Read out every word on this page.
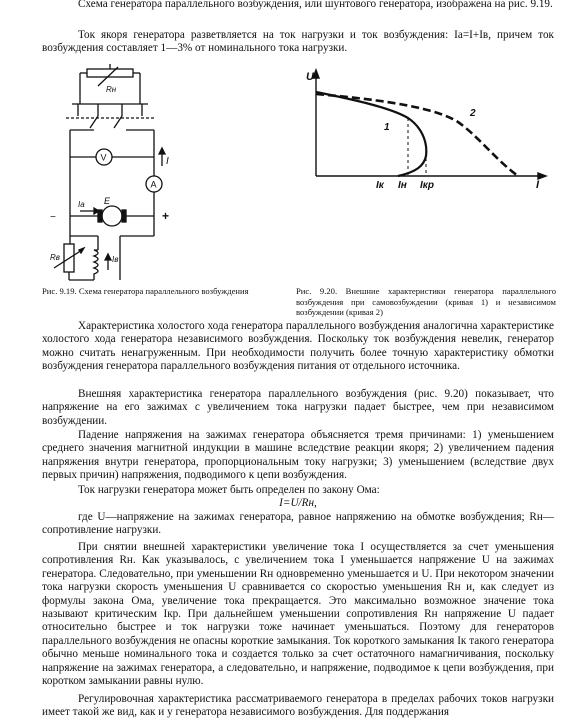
Схема генератора параллельного возбуждения, или шунтового генератора, изображена на рис. 9.19.

Ток якоря генератора разветвляется на ток нагрузки и ток возбуждения: Iа=I+Iв, причем ток возбуждения составляет 1—3% от номинального тока нагрузки.

Rн
V	I
A
E
Iа
−	+
Rв	Iв
U
I
1
2
Iк Iн Iкр

Рис. 9.19. Схема генератора параллельного возбуждения	Рис. 9.20. Внешние характеристики генератора параллельного возбуждения при самовозбуждении (кривая 1) и независимом возбуждении (кривая 2)

Характеристика холостого хода генератора параллельного возбуждения аналогична характеристике холостого хода генератора независимого возбуждения. Поскольку ток возбуждения невелик, генератор можно считать ненагруженным. При необходимости получить более точную характеристику обмотки возбуждения генератора параллельного возбуждения питания от отдельного источника.

Внешняя характеристика генератора параллельного возбуждения (рис. 9.20) показывает, что напряжение на его зажимах с увеличением тока нагрузки падает быстрее, чем при независимом возбуждении.

Падение напряжения на зажимах генератора объясняется тремя причинами: 1) уменьшением среднего значения магнитной индукции в машине вследствие реакции якоря; 2) увеличением падения напряжения внутри генератора, пропорциональным току нагрузки; 3) уменьшением (вследствие двух первых причин) напряжения, подводимого к цепи возбуждения.

Ток нагрузки генератора может быть определен по закону Ома:

I=U/Rн,

где U—напряжение на зажимах генератора, равное напряжению на обмотке возбуждения; Rн—сопротивление нагрузки.

При снятии внешней характеристики увеличение тока I осуществляется за счет уменьшения сопротивления Rн. Как указывалось, с увеличением тока I уменьшается напряжение U на зажимах генератора. Следовательно, при уменьшении Rн одновременно уменьшается и U. При некотором значении тока нагрузки скорость уменьшения U сравнивается со скоростью уменьшения Rн и, как следует из формулы закона Ома, увеличение тока прекращается. Это максимально возможное значение тока называют критическим Iкр. При дальнейшем уменьшении сопротивления Rн напряжение U падает относительно быстрее и ток нагрузки тоже начинает уменьшаться. Поэтому для генераторов параллельного возбуждения не опасны короткие замыкания. Ток короткого замыкания Iк такого генератора обычно меньше номинального тока и создается только за счет остаточного намагничивания, поскольку напряжение на зажимах генератора, а следовательно, и напряжение, подводимое к цепи возбуждения, при коротком замыкании равны нулю.

Регулировочная характеристика рассматриваемого генератора в пределах рабочих токов нагрузки имеет такой же вид, как и у генератора независимого возбуждения. Для поддержания
